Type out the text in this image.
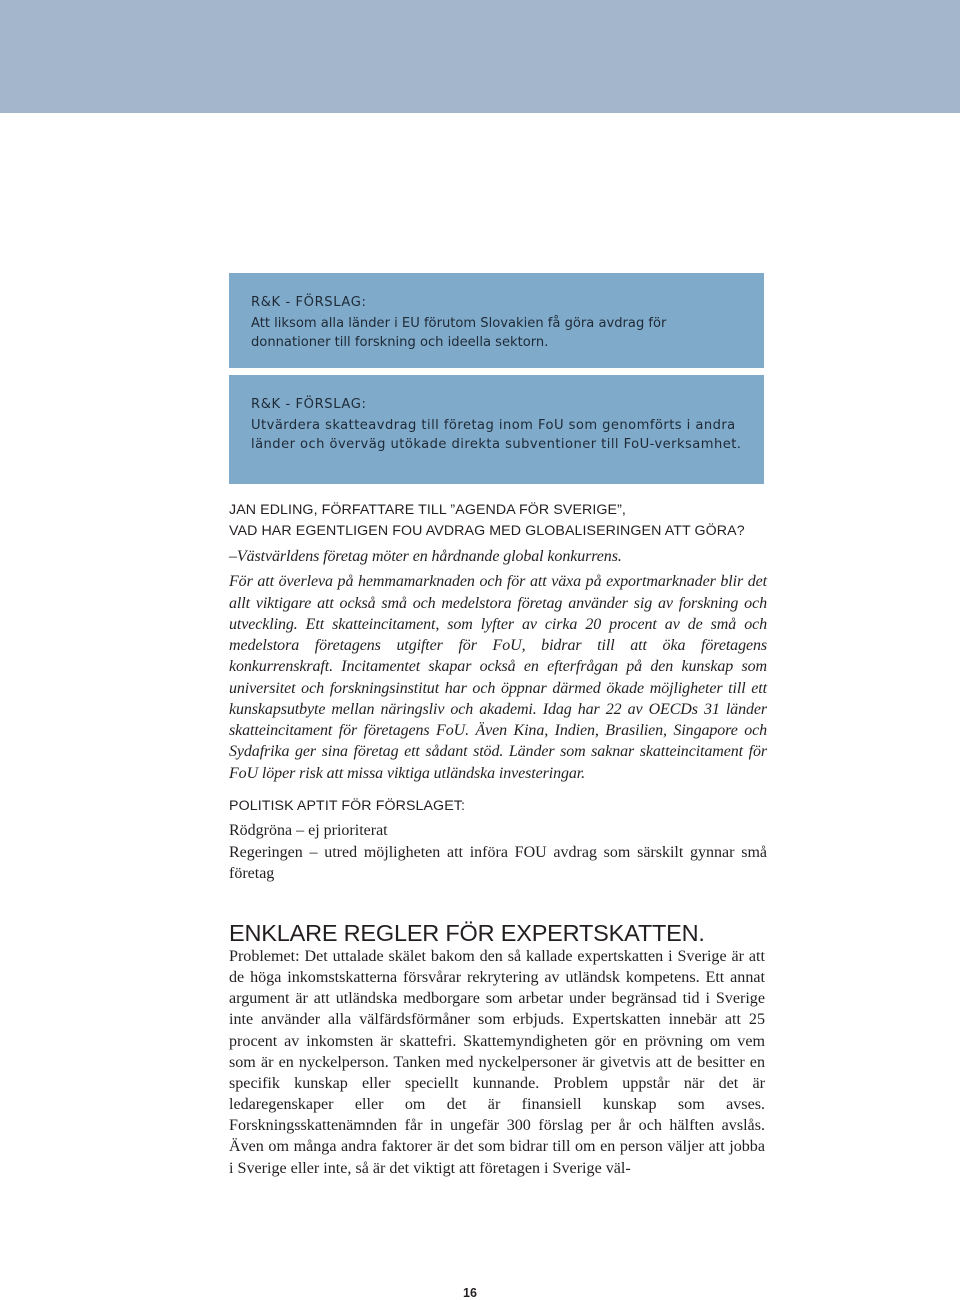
R&K - FÖRSLAG:
Att liksom alla länder i EU förutom Slovakien få göra avdrag för donnationer till forskning och ideella sektorn.
R&K - FÖRSLAG:
Utvärdera skatteavdrag till företag inom FoU som genomförts i andra länder och överväg utökade direkta subventioner till FoU-verksamhet.
JAN EDLING, FÖRFATTARE TILL ”AGENDA FÖR SVERIGE”,
VAD HAR EGENTLIGEN FOU AVDRAG MED GLOBALISERINGEN ATT GÖRA?
–Västvärldens företag möter en hårdnande global konkurrens.
För att överleva på hemmamarknaden och för att växa på exportmarknader blir det allt viktigare att också små och medelstora företag använder sig av forskning och utveckling. Ett skatteincitament, som lyfter av cirka 20 procent av de små och medelstora företagens utgifter för FoU, bidrar till att öka företagens konkurrenskraft. Incitamentet skapar också en efterfrågan på den kunskap som universitet och forskningsinstitut har och öppnar därmed ökade möjligheter till ett kunskapsutbyte mellan näringsliv och akademi. Idag har 22 av OECDs 31 länder skatteincitament för företagens FoU. Även Kina, Indien, Brasilien, Singapore och Sydafrika ger sina företag ett sådant stöd. Länder som saknar skatteincitament för FoU löper risk att missa viktiga utländska investeringar.
POLITISK APTIT FÖR FÖRSLAGET:
Rödgröna – ej prioriterat
Regeringen – utred möjligheten att införa FOU avdrag som särskilt gynnar små företag
ENKLARE REGLER FÖR EXPERTSKATTEN.
Problemet: Det uttalade skälet bakom den så kallade expertskatten i Sverige är att de höga inkomstskatterna försvårar rekrytering av utländsk kompetens. Ett annat argument är att utländska medborgare som arbetar under begränsad tid i Sverige inte använder alla välfärdsförmåner som erbjuds. Expertskatten innebär att 25 procent av inkomsten är skattefri. Skattemyndigheten gör en prövning om vem som är en nyckelperson. Tanken med nyckelpersoner är givetvis att de besitter en specifik kunskap eller speciellt kunnande. Problem uppstår när det är ledaregenskaper eller om det är finansiell kunskap som avses. Forskningsskattenämnden får in ungefär 300 förslag per år och hälften avslås. Även om många andra faktorer är det som bidrar till om en person väljer att jobba i Sverige eller inte, så är det viktigt att företagen i Sverige väl-
16
